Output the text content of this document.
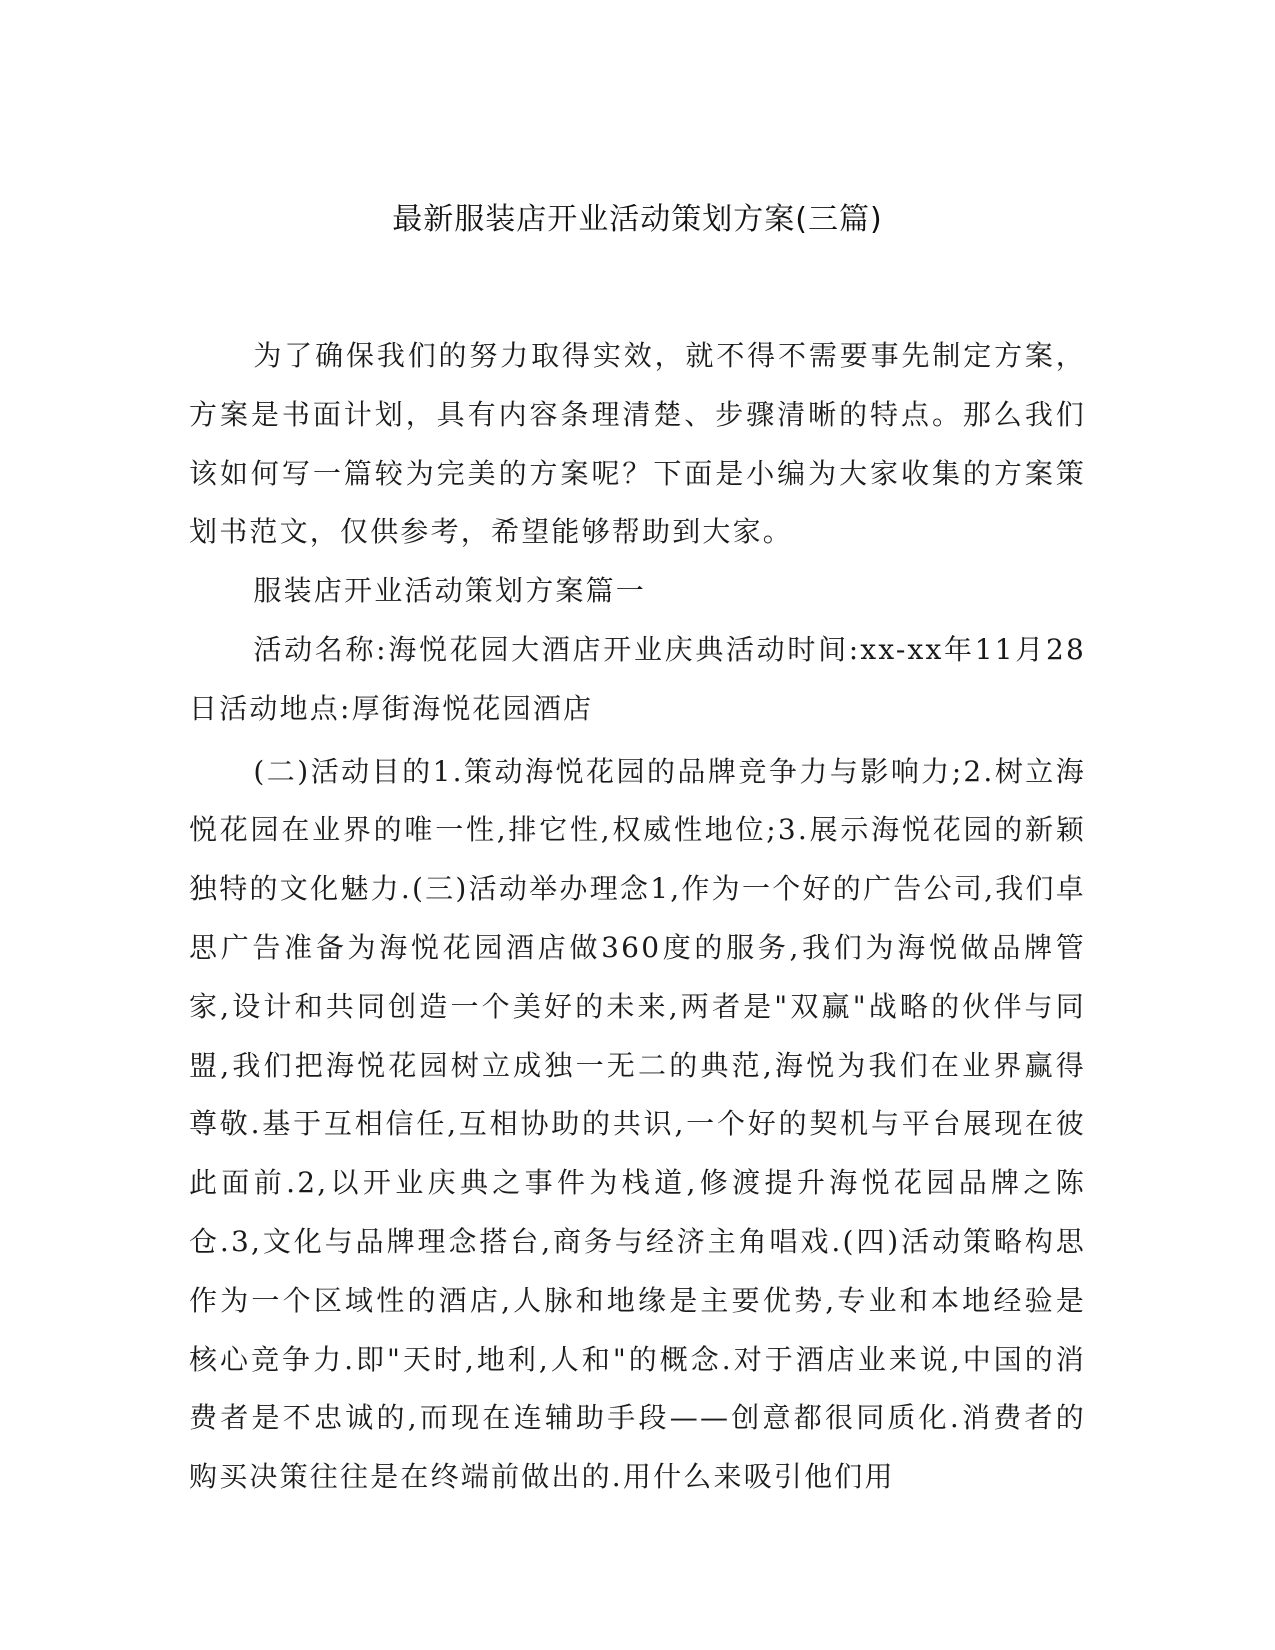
最新服装店开业活动策划方案(三篇)

为了确保我们的努力取得实效，就不得不需要事先制定方案，方案是书面计划，具有内容条理清楚、步骤清晰的特点。那么我们该如何写一篇较为完美的方案呢？下面是小编为大家收集的方案策划书范文，仅供参考，希望能够帮助到大家。

服装店开业活动策划方案篇一

活动名称:海悦花园大酒店开业庆典活动时间:xx-xx年11月28日活动地点:厚街海悦花园酒店

(二)活动目的1.策动海悦花园的品牌竞争力与影响力;2.树立海悦花园在业界的唯一性,排它性,权威性地位;3.展示海悦花园的新颖独特的文化魅力.(三)活动举办理念1,作为一个好的广告公司,我们卓思广告准备为海悦花园酒店做360度的服务,我们为海悦做品牌管家,设计和共同创造一个美好的未来,两者是"双赢"战略的伙伴与同盟,我们把海悦花园树立成独一无二的典范,海悦为我们在业界赢得尊敬.基于互相信任,互相协助的共识,一个好的契机与平台展现在彼此面前.2,以开业庆典之事件为栈道,修渡提升海悦花园品牌之陈仓.3,文化与品牌理念搭台,商务与经济主角唱戏.(四)活动策略构思作为一个区域性的酒店,人脉和地缘是主要优势,专业和本地经验是核心竞争力.即"天时,地利,人和"的概念.对于酒店业来说,中国的消费者是不忠诚的,而现在连辅助手段——创意都很同质化.消费者的购买决策往往是在终端前做出的.用什么来吸引他们用
